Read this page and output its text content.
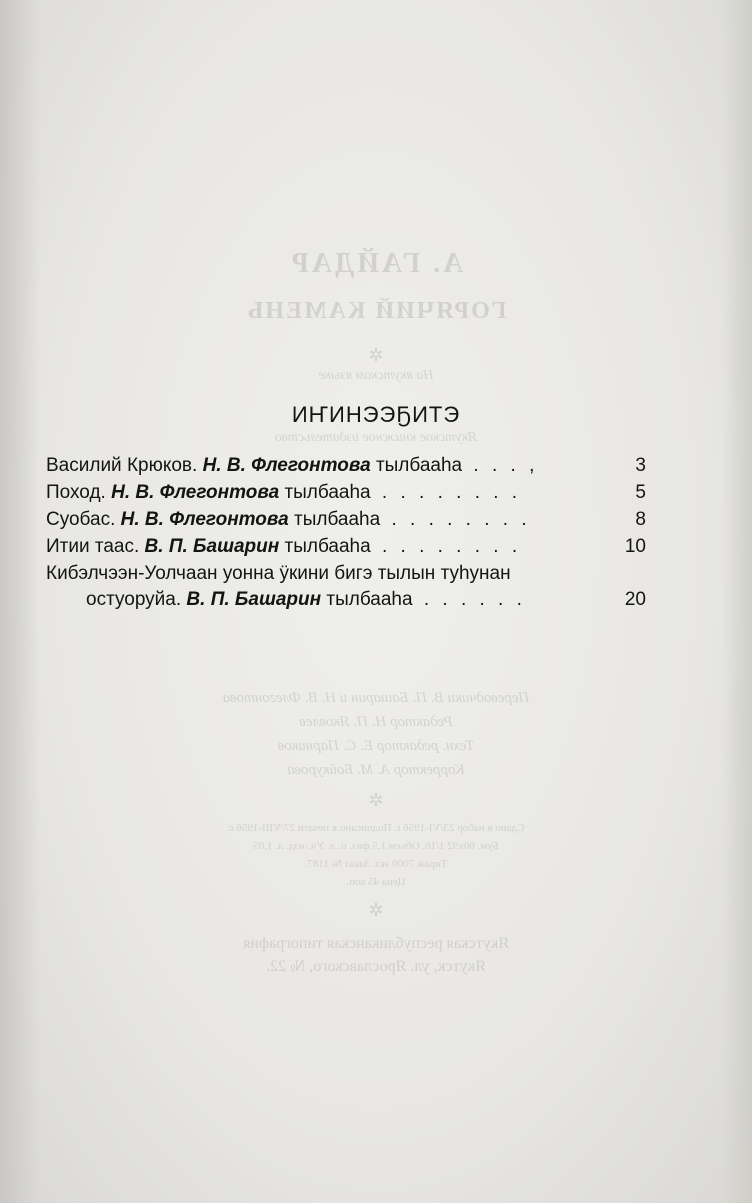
А. ГАЙДАР
ГОРЯЧИЙ КАМЕНЬ
✲
На якутском языке
Якутское книжное издательство
Переводчики В. П. Башарин и Н. В. Флегонтова
Редактор Н. П. Яковлев
Техн. редактор Е. С. Парников
Корректор А. М. Бойкурова
✲
Сдано в набор 23/VI-1956 г. Подписано к печати 27/VIII-1956 г.
Бум. 60х92 1/16. Объем 1,5 физ. п. л. Уч.-изд. л. 1,05
Тираж 7000 экз. Заказ № 1187.
Цена 45 коп.
✲
Якутская республиканская типография
Якутск, ул. Ярославского, № 22.
ИҤИНЭЭҔИТЭ
Василий Крюков. Н. В. Флегонтова тылбааһа . . . ,	3
Поход. Н. В. Флегонтова тылбааһа . . . . . . . .	5
Суобас. Н. В. Флегонтова тылбааһа . . . . . . . .	8
Итии таас. В. П. Башарин тылбааһа . . . . . . . .	10
Кибэлчээн-Уолчаан уонна ӱкини бигэ тылын туһунан
остуоруйа. В. П. Башарин тылбааһа . . . . . .	20
